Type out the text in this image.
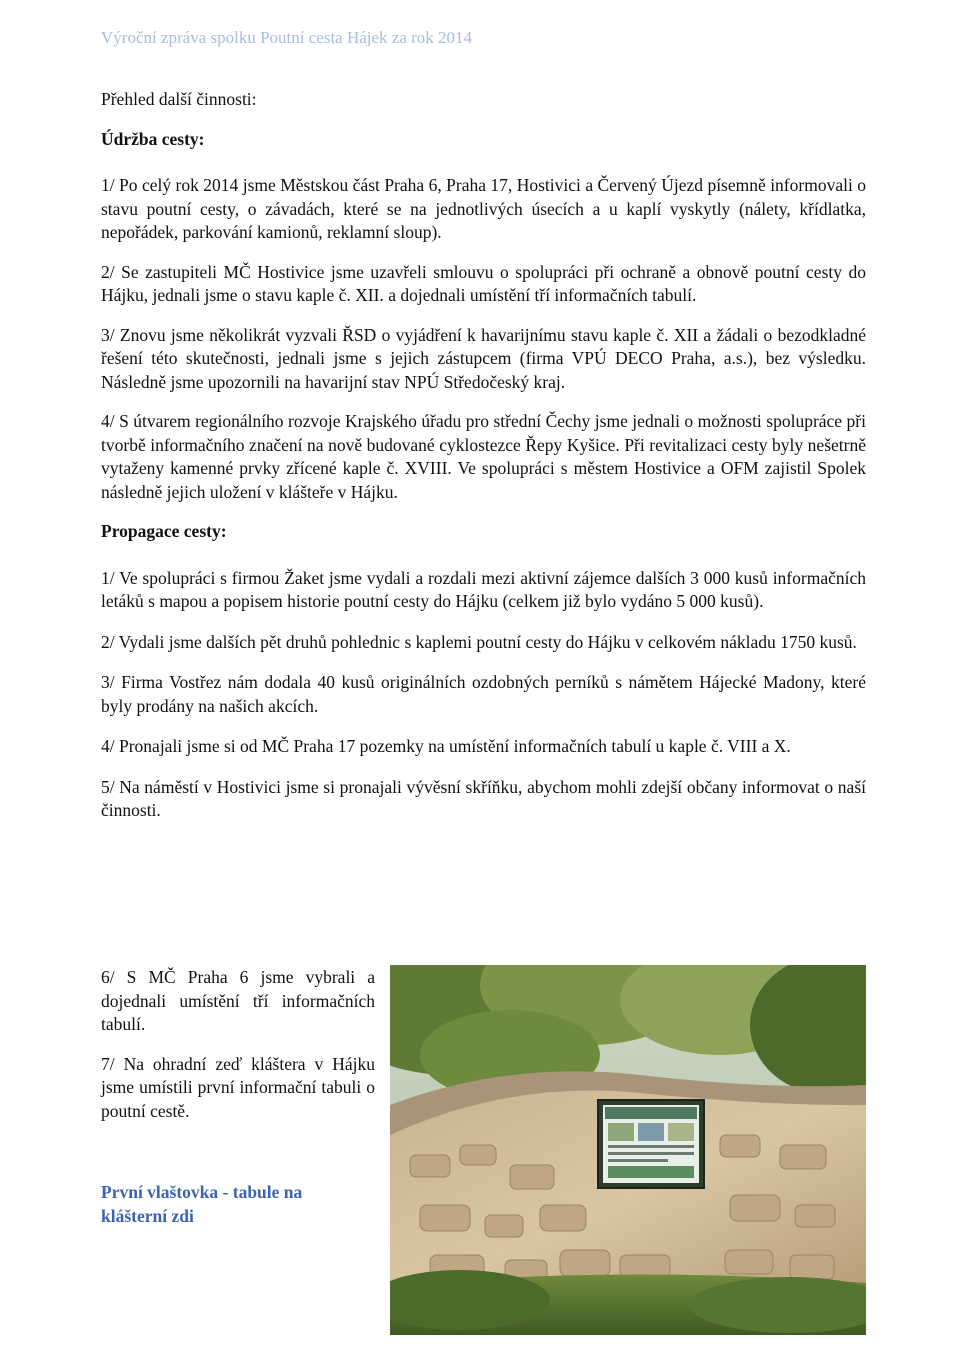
Výroční zpráva spolku Poutní cesta Hájek za rok 2014

Přehled další činnosti:

Údržba cesty:

1/ Po celý rok 2014 jsme Městskou část Praha 6, Praha 17, Hostivici a Červený Újezd písemně informovali o stavu poutní cesty, o závadách, které se na jednotlivých úsecích a u kaplí vyskytly (nálety, křídlatka, nepořádek, parkování kamionů, reklamní sloup).

2/ Se zastupiteli MČ Hostivice jsme uzavřeli smlouvu o spolupráci při ochraně a obnově poutní cesty do Hájku, jednali jsme o stavu kaple č. XII. a dojednali umístění tří informačních tabulí.

3/ Znovu jsme několikrát vyzvali ŘSD o vyjádření k havarijnímu stavu kaple č. XII a žádali o bezodkladné řešení této skutečnosti, jednali jsme s jejich zástupcem (firma VPÚ DECO Praha, a.s.), bez výsledku. Následně jsme upozornili na havarijní stav NPÚ Středočeský kraj.

4/ S útvarem regionálního rozvoje Krajského úřadu pro střední Čechy jsme jednali o možnosti spolupráce při tvorbě informačního značení na nově budované cyklostezce Řepy Kyšice. Při revitalizaci cesty byly nešetrně vytaženy kamenné prvky zřícené kaple č. XVIII. Ve spolupráci s městem Hostivice a OFM zajistil Spolek následně jejich uložení v klášteře v Hájku.

Propagace cesty:

1/ Ve spolupráci s firmou Žaket jsme vydali a rozdali mezi aktivní zájemce dalších 3 000 kusů informačních letáků s mapou a popisem historie poutní cesty do Hájku (celkem již bylo vydáno 5 000 kusů).

2/ Vydali jsme dalších pět druhů pohlednic s kaplemi poutní cesty do Hájku v celkovém nákladu 1750 kusů.

3/ Firma Vostřez nám dodala 40 kusů originálních ozdobných perníků s námětem Hájecké Madony, které byly prodány na našich akcích.

4/ Pronajali jsme si od MČ Praha 17 pozemky na umístění informačních tabulí u kaple č. VIII a X.

5/ Na náměstí v Hostivici jsme si pronajali vývěsní skříňku, abychom mohli zdejší občany informovat o naší činnosti.

6/ S MČ Praha 6 jsme vybrali a dojednali umístění tří informačních tabulí.

7/ Na ohradní zeď kláštera v Hájku jsme umístili první informační tabuli o poutní cestě.

První vlaštovka - tabule na klášterní zdi
